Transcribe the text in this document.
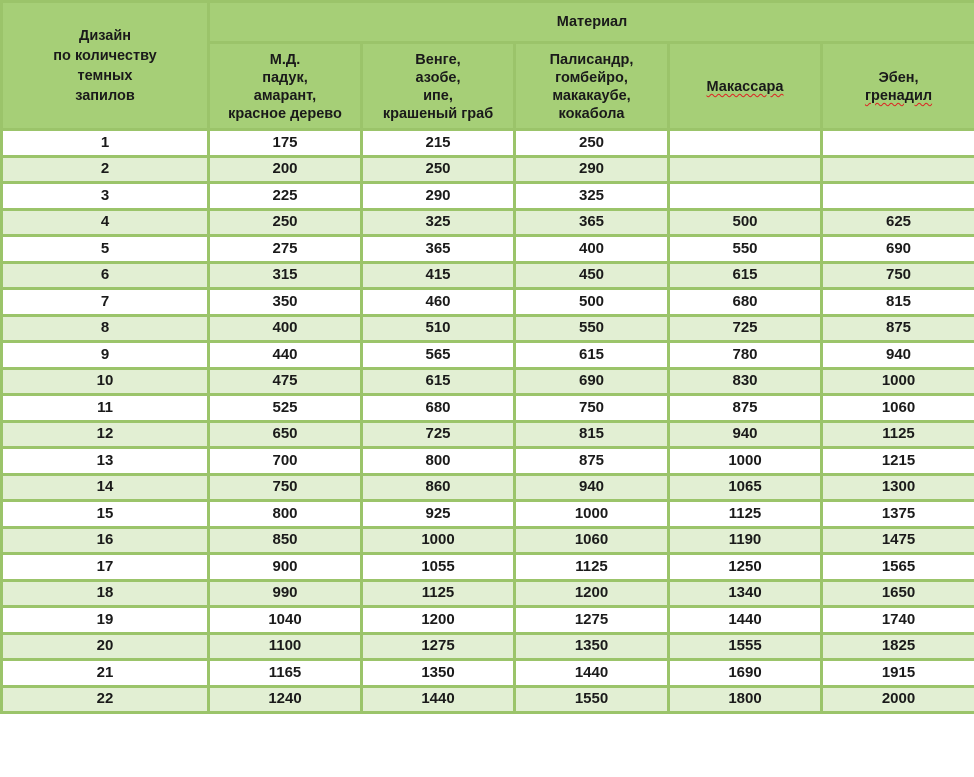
Дизайн
по количеству
темных
запилов	Материал				

	М.Д.
падук,
амарант,
красное дерево	Венге,
азобе,
ипе,
крашеный граб	Палисандр,
гомбейро,
макакаубе,
кокабола	Макассара	Эбен,
гренадил

1	175	215	250		
2	200	250	290		
3	225	290	325		
4	250	325	365	500	625
5	275	365	400	550	690
6	315	415	450	615	750
7	350	460	500	680	815
8	400	510	550	725	875
9	440	565	615	780	940
10	475	615	690	830	1000
11	525	680	750	875	1060
12	650	725	815	940	1125
13	700	800	875	1000	1215
14	750	860	940	1065	1300
15	800	925	1000	1125	1375
16	850	1000	1060	1190	1475
17	900	1055	1125	1250	1565
18	990	1125	1200	1340	1650
19	1040	1200	1275	1440	1740
20	1100	1275	1350	1555	1825
21	1165	1350	1440	1690	1915
22	1240	1440	1550	1800	2000
